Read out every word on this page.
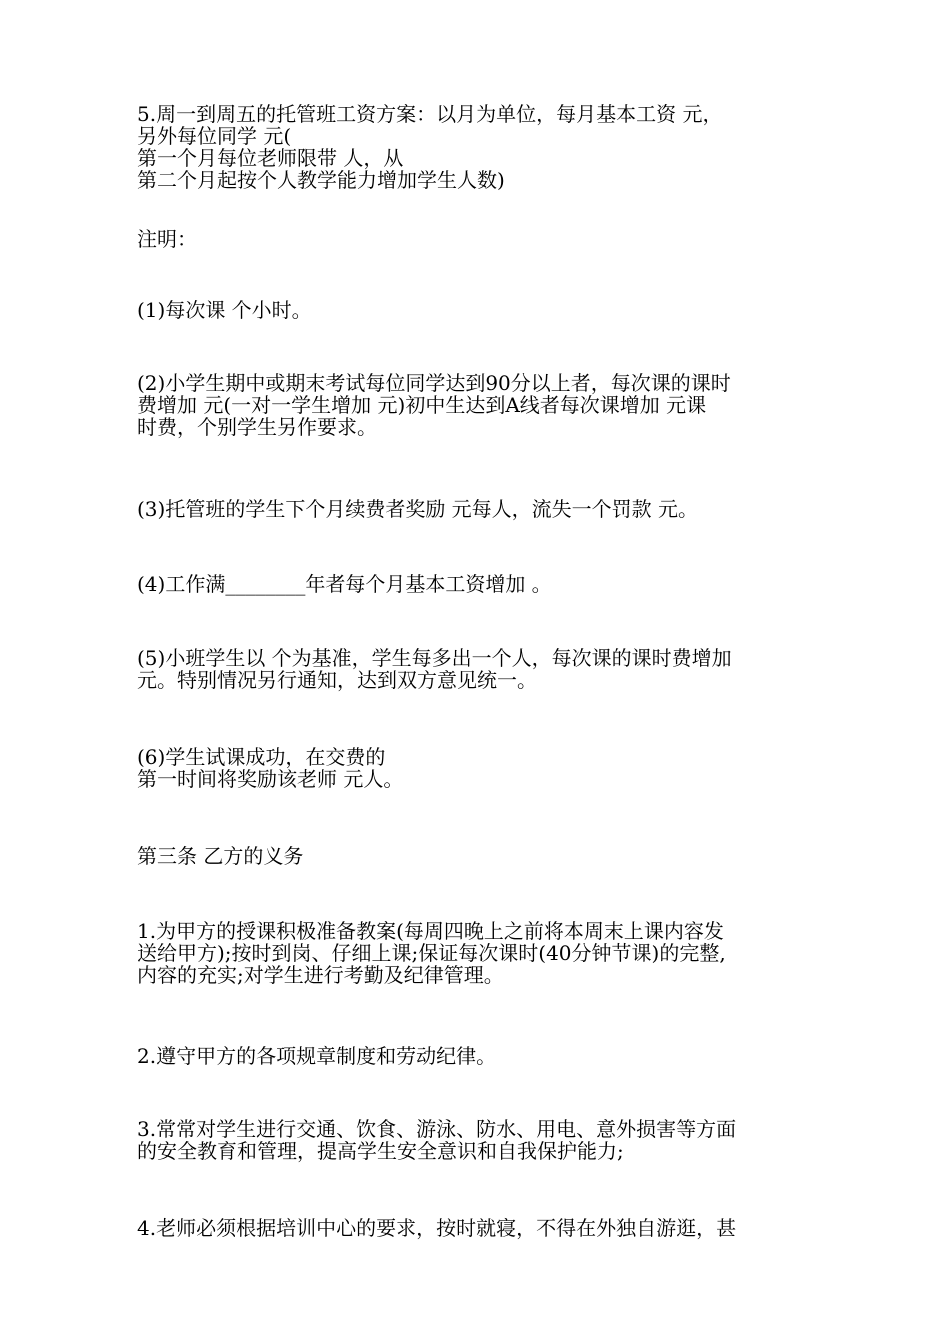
5.周一到周五的托管班工资方案：以月为单位，每月基本工资 元，
另外每位同学 元(
第一个月每位老师限带 人，从
第二个月起按个人教学能力增加学生人数)
注明：
(1)每次课 个小时。
(2)小学生期中或期末考试每位同学达到90分以上者，每次课的课时
费增加 元(一对一学生增加 元)初中生达到A线者每次课增加 元课
时费，个别学生另作要求。
(3)托管班的学生下个月续费者奖励 元每人，流失一个罚款 元。
(4)工作满________年者每个月基本工资增加 。
(5)小班学生以 个为基准，学生每多出一个人，每次课的课时费增加
元。特别情况另行通知，达到双方意见统一。
(6)学生试课成功，在交费的
第一时间将奖励该老师 元人。
第三条 乙方的义务
1.为甲方的授课积极准备教案(每周四晚上之前将本周末上课内容发
送给甲方);按时到岗、仔细上课;保证每次课时(40分钟节课)的完整,
内容的充实;对学生进行考勤及纪律管理。
2.遵守甲方的各项规章制度和劳动纪律。
3.常常对学生进行交通、饮食、游泳、防水、用电、意外损害等方面
的安全教育和管理，提高学生安全意识和自我保护能力;
4.老师必须根据培训中心的要求，按时就寝，不得在外独自游逛，甚
